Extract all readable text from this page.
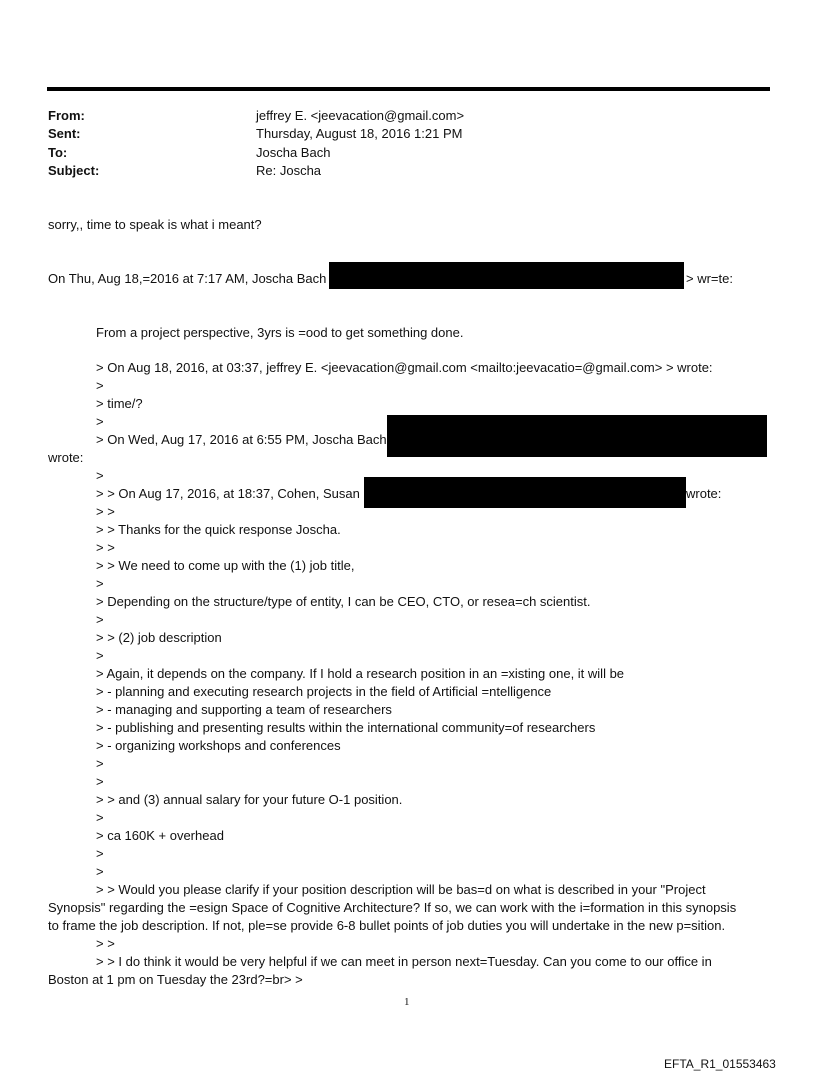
From:	jeffrey E. <jeevacation@gmail.com>
Sent:	Thursday, August 18, 2016 1:21 PM
To:	Joscha Bach
Subject:	Re: Joscha
sorry,, time to speak is what i meant?
On Thu, Aug 18,=2016 at 7:17 AM, Joscha Bach	> wr=te:
From a project perspective, 3yrs is =ood to get something done.
> On Aug 18, 2016, at 03:37, jeffrey E. <jeevacation@gmail.com <mailto:jeevacatio=@gmail.com> > wrote:
>
> time/?
>
> On Wed, Aug 17, 2016 at 6:55 PM, Joscha Bach
wrote:
>
> > On Aug 17, 2016, at 18:37, Cohen, Susan	wrote:
> >
> > Thanks for the quick response Joscha.
> >
> > We need to come up with the (1) job title,
>
> Depending on the structure/type of entity, I can be CEO, CTO, or resea=ch scientist.
>
> > (2) job description
>
> Again, it depends on the company. If I hold a research position in an =xisting one, it will be
> - planning and executing research projects in the field of Artificial =ntelligence
> - managing and supporting a team of researchers
> - publishing and presenting results within the international community=of researchers
> - organizing workshops and conferences
>
>
> > and (3) annual salary for your future O-1 position.
>
> ca 160K + overhead
>
>
> > Would you please clarify if your position description will be bas=d on what is described in your "Project
Synopsis" regarding the =esign Space of Cognitive Architecture? If so, we can work with the i=formation in this synopsis
to frame the job description. If not, ple=se provide 6-8 bullet points of job duties you will undertake in the new p=sition.
> >
> > I do think it would be very helpful if we can meet in person next=Tuesday. Can you come to our office in
Boston at 1 pm on Tuesday the 23rd?=br> >
1
EFTA_R1_01553463
